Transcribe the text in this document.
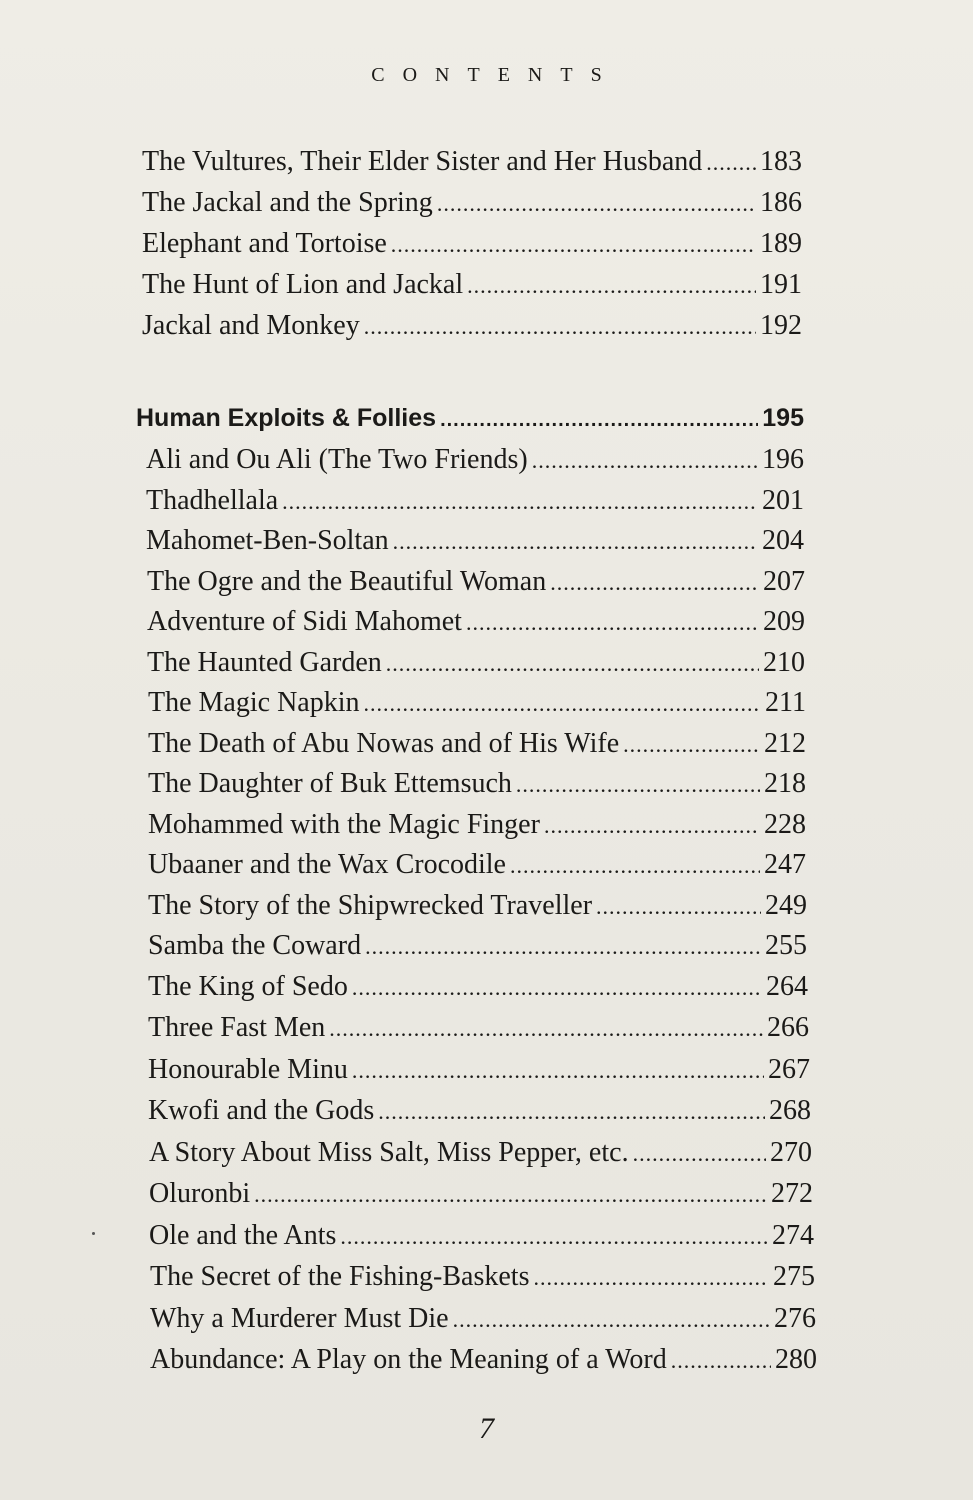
CONTENTS
The Vultures, Their Elder Sister and Her Husband ..... 183
The Jackal and the Spring .....	186
Elephant and Tortoise .....	189
The Hunt of Lion and Jackal .....	191
Jackal and Monkey .....	192
Human Exploits & Follies .....	195
Ali and Ou Ali (The Two Friends) .....	196
Thadhellala .....	201
Mahomet-Ben-Soltan .....	204
The Ogre and the Beautiful Woman .....	207
Adventure of Sidi Mahomet .....	209
The Haunted Garden .....	210
The Magic Napkin .....	211
The Death of Abu Nowas and of His Wife .....	212
The Daughter of Buk Ettemsuch .....	218
Mohammed with the Magic Finger .....	228
Ubaaner and the Wax Crocodile .....	247
The Story of the Shipwrecked Traveller .....	249
Samba the Coward .....	255
The King of Sedo .....	264
Three Fast Men .....	266
Honourable Minu .....	267
Kwofi and the Gods .....	268
A Story About Miss Salt, Miss Pepper, etc. .....	270
Oluronbi .....	272
Ole and the Ants .....	274
The Secret of the Fishing-Baskets .....	275
Why a Murderer Must Die .....	276
Abundance: A Play on the Meaning of a Word .....	280
7
